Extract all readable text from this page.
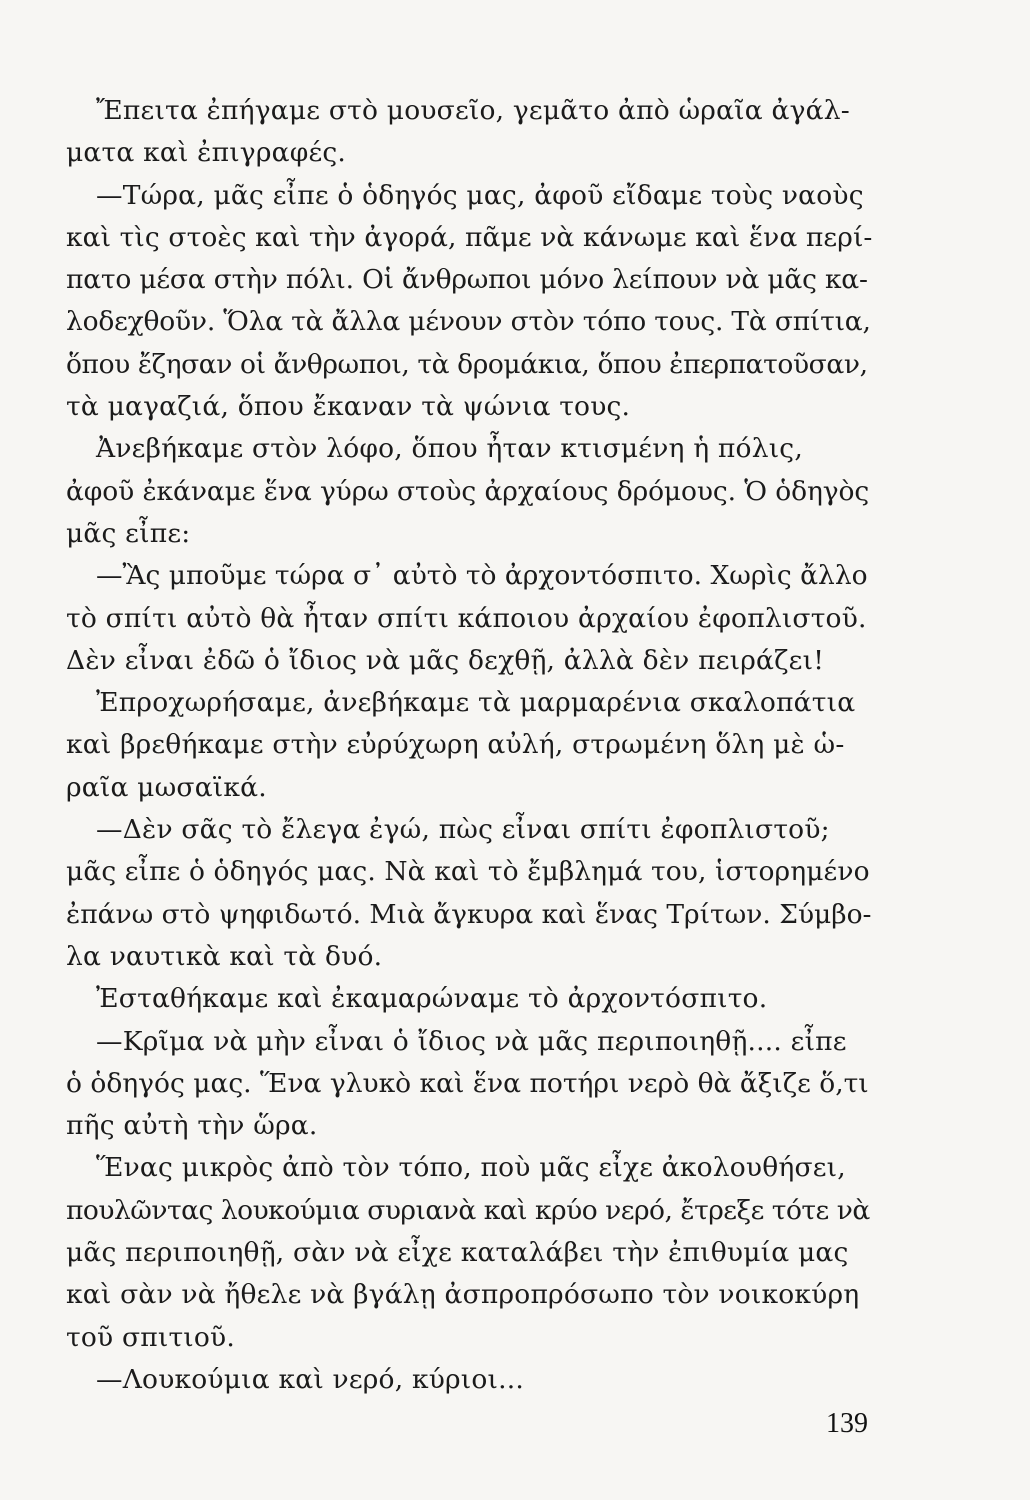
Ἔπειτα ἐπήγαμε στὸ μουσεῖο, γεμᾶτο ἀπὸ ὡραῖα ἀγάλ-
ματα καὶ ἐπιγραφές.
—Τώρα, μᾶς εἶπε ὁ ὁδηγός μας, ἀφοῦ εἴδαμε τοὺς ναοὺς
καὶ τὶς στοὲς καὶ τὴν ἀγορά, πᾶμε νὰ κάνωμε καὶ ἕνα περί-
πατο μέσα στὴν πόλι. Οἱ ἄνθρωποι μόνο λείπουν νὰ μᾶς κα-
λοδεχθοῦν. Ὅλα τὰ ἄλλα μένουν στὸν τόπο τους. Τὰ σπίτια,
ὅπου ἔζησαν οἱ ἄνθρωποι, τὰ δρομάκια, ὅπου ἐπερπατοῦσαν,
τὰ μαγαζιά, ὅπου ἔκαναν τὰ ψώνια τους.
Ἀνεβήκαμε στὸν λόφο, ὅπου ἦταν κτισμένη ἡ πόλις,
ἀφοῦ ἐκάναμε ἕνα γύρω στοὺς ἀρχαίους δρόμους. Ὁ ὁδηγὸς
μᾶς εἶπε:
—Ἂς μποῦμε τώρα σ᾽ αὐτὸ τὸ ἀρχοντόσπιτο. Χωρὶς ἄλλο
τὸ σπίτι αὐτὸ θὰ ἦταν σπίτι κάποιου ἀρχαίου ἐφοπλιστοῦ.
Δὲν εἶναι ἐδῶ ὁ ἴδιος νὰ μᾶς δεχθῇ, ἀλλὰ δὲν πειράζει!
Ἐπροχωρήσαμε, ἀνεβήκαμε τὰ μαρμαρένια σκαλοπάτια
καὶ βρεθήκαμε στὴν εὐρύχωρη αὐλή, στρωμένη ὅλη μὲ ὡ-
ραῖα μωσαϊκά.
—Δὲν σᾶς τὸ ἔλεγα ἐγώ, πὼς εἶναι σπίτι ἐφοπλιστοῦ;
μᾶς εἶπε ὁ ὁδηγός μας. Νὰ καὶ τὸ ἔμβλημά του, ἱστορημένο
ἐπάνω στὸ ψηφιδωτό. Μιὰ ἄγκυρα καὶ ἕνας Τρίτων. Σύμβο-
λα ναυτικὰ καὶ τὰ δυό.
Ἐσταθήκαμε καὶ ἐκαμαρώναμε τὸ ἀρχοντόσπιτο.
—Κρῖμα νὰ μὴν εἶναι ὁ ἴδιος νὰ μᾶς περιποιηθῇ.... εἶπε
ὁ ὁδηγός μας. Ἕνα γλυκὸ καὶ ἕνα ποτήρι νερὸ θὰ ἄξιζε ὅ,τι
πῆς αὐτὴ τὴν ὥρα.
Ἕνας μικρὸς ἀπὸ τὸν τόπο, ποὺ μᾶς εἶχε ἀκολουθήσει,
πουλῶντας λουκούμια συριανὰ καὶ κρύο νερό, ἔτρεξε τότε νὰ
μᾶς περιποιηθῇ, σὰν νὰ εἶχε καταλάβει τὴν ἐπιθυμία μας
καὶ σὰν νὰ ἤθελε νὰ βγάλῃ ἀσπροπρόσωπο τὸν νοικοκύρη
τοῦ σπιτιοῦ.
—Λουκούμια καὶ νερό, κύριοι...
139
